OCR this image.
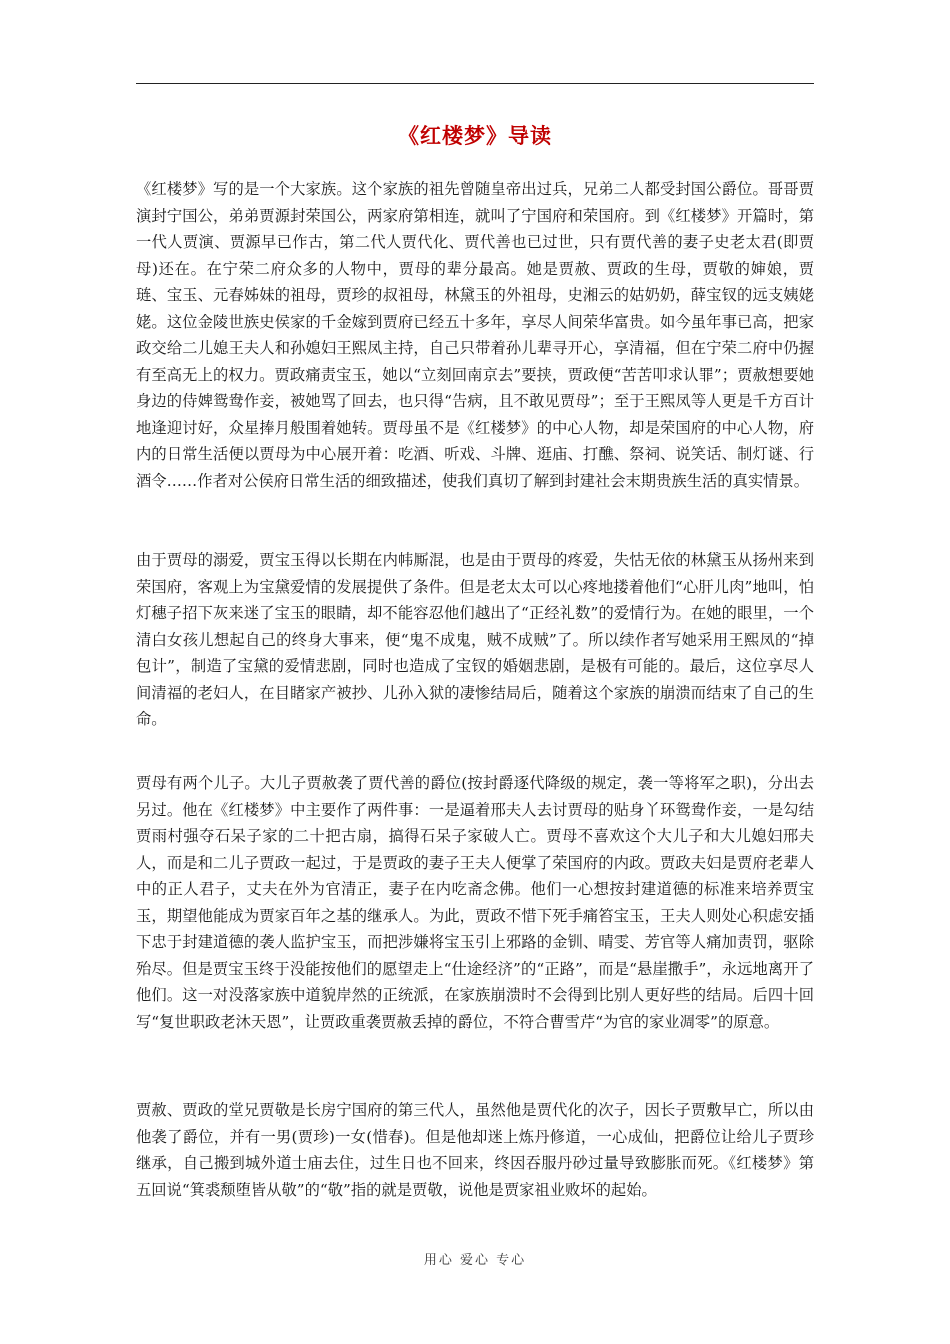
《红楼梦》导读

《红楼梦》写的是一个大家族。这个家族的祖先曾随皇帝出过兵，兄弟二人都受封国公爵位。哥哥贾演封宁国公，弟弟贾源封荣国公，两家府第相连，就叫了宁国府和荣国府。到《红楼梦》开篇时，第一代人贾演、贾源早已作古，第二代人贾代化、贾代善也已过世，只有贾代善的妻子史老太君(即贾母)还在。在宁荣二府众多的人物中，贾母的辈分最高。她是贾赦、贾政的生母，贾敬的婶娘，贾琏、宝玉、元春姊妹的祖母，贾珍的叔祖母，林黛玉的外祖母，史湘云的姑奶奶，薛宝钗的远支姨姥姥。这位金陵世族史侯家的千金嫁到贾府已经五十多年，享尽人间荣华富贵。如今虽年事已高，把家政交给二儿媳王夫人和孙媳妇王熙凤主持，自己只带着孙儿辈寻开心，享清福，但在宁荣二府中仍握有至高无上的权力。贾政痛责宝玉，她以“立刻回南京去”要挟，贾政便“苦苦叩求认罪”；贾赦想要她身边的侍婢鸳鸯作妾，被她骂了回去，也只得“告病，且不敢见贾母”；至于王熙凤等人更是千方百计地逢迎讨好，众星捧月般围着她转。贾母虽不是《红楼梦》的中心人物，却是荣国府的中心人物，府内的日常生活便以贾母为中心展开着：吃酒、听戏、斗牌、逛庙、打醮、祭祠、说笑话、制灯谜、行酒令……作者对公侯府日常生活的细致描述，使我们真切了解到封建社会末期贵族生活的真实情景。

由于贾母的溺爱，贾宝玉得以长期在内帏厮混，也是由于贾母的疼爱，失怙无依的林黛玉从扬州来到荣国府，客观上为宝黛爱情的发展提供了条件。但是老太太可以心疼地搂着他们“心肝儿肉”地叫，怕灯穗子招下灰来迷了宝玉的眼睛，却不能容忍他们越出了“正经礼数”的爱情行为。在她的眼里，一个清白女孩儿想起自己的终身大事来，便“鬼不成鬼，贼不成贼”了。所以续作者写她采用王熙凤的“掉包计”，制造了宝黛的爱情悲剧，同时也造成了宝钗的婚姻悲剧，是极有可能的。最后，这位享尽人间清福的老妇人，在目睹家产被抄、儿孙入狱的凄惨结局后，随着这个家族的崩溃而结束了自己的生命。

贾母有两个儿子。大儿子贾赦袭了贾代善的爵位(按封爵逐代降级的规定，袭一等将军之职)，分出去另过。他在《红楼梦》中主要作了两件事：一是逼着邢夫人去讨贾母的贴身丫环鸳鸯作妾，一是勾结贾雨村强夺石呆子家的二十把古扇，搞得石呆子家破人亡。贾母不喜欢这个大儿子和大儿媳妇邢夫人，而是和二儿子贾政一起过，于是贾政的妻子王夫人便掌了荣国府的内政。贾政夫妇是贾府老辈人中的正人君子，丈夫在外为官清正，妻子在内吃斋念佛。他们一心想按封建道德的标准来培养贾宝玉，期望他能成为贾家百年之基的继承人。为此，贾政不惜下死手痛笞宝玉，王夫人则处心积虑安插下忠于封建道德的袭人监护宝玉，而把涉嫌将宝玉引上邪路的金钏、晴雯、芳官等人痛加责罚，驱除殆尽。但是贾宝玉终于没能按他们的愿望走上“仕途经济”的“正路”，而是“悬崖撒手”，永远地离开了他们。这一对没落家族中道貌岸然的正统派，在家族崩溃时不会得到比别人更好些的结局。后四十回写“复世职政老沐天恩”，让贾政重袭贾赦丢掉的爵位，不符合曹雪芹“为官的家业凋零”的原意。

贾赦、贾政的堂兄贾敬是长房宁国府的第三代人，虽然他是贾代化的次子，因长子贾敷早亡，所以由他袭了爵位，并有一男(贾珍)一女(惜春)。但是他却迷上炼丹修道，一心成仙，把爵位让给儿子贾珍继承，自己搬到城外道士庙去住，过生日也不回来，终因吞服丹砂过量导致膨胀而死。《红楼梦》第五回说“箕裘颓堕皆从敬”的“敬”指的就是贾敬，说他是贾家祖业败坏的起始。

用心 爱心 专心
